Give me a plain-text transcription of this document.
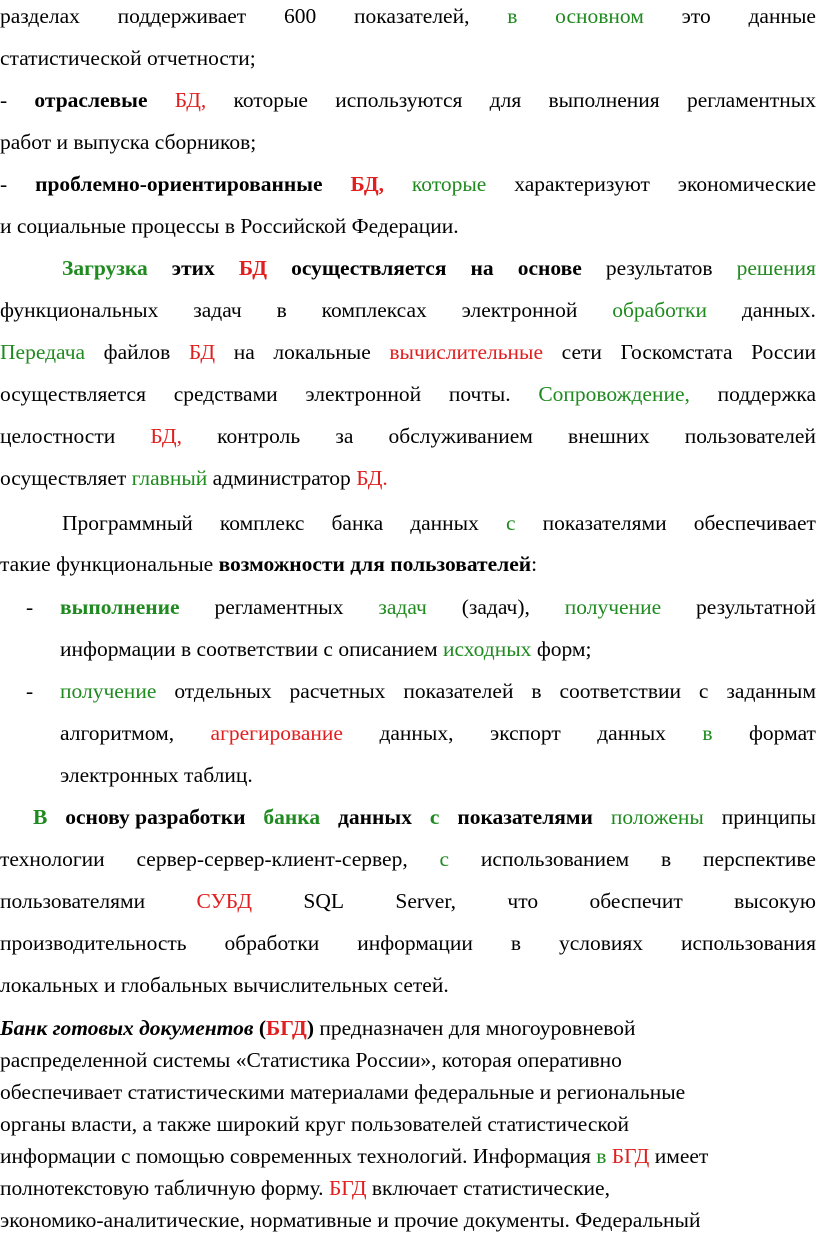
разделах поддерживает 600 показателей, в основном это данные
статистической отчетности;
- отраслевые БД, которые используются для выполнения регламентных
работ и выпуска сборников;
- проблемно-ориентированные БД, которые характеризуют экономические
и социальные процессы в Российской Федерации.
Загрузка этих БД осуществляется на основе результатов решения
функциональных задач в комплексах электронной обработки данных.
Передача файлов БД на локальные вычислительные сети Госкомстата России
осуществляется средствами электронной почты. Сопровождение, поддержка
целостности БД, контроль за обслуживанием внешних пользователей
осуществляет главный администратор БД.
Программный комплекс банка данных с показателями обеспечивает
такие функциональные возможности для пользователей:
- выполнение регламентных задач (задач), получение результатной
информации в соответствии с описанием исходных форм;
- получение отдельных расчетных показателей в соответствии с заданным
алгоритмом, агрегирование данных, экспорт данных в формат
электронных таблиц.
В основу разработки банка данных с показателями положены принципы
технологии сервер-сервер-клиент-сервер, с использованием в перспективе
пользователями СУБД SQL Server, что обеспечит высокую
производительность обработки информации в условиях использования
локальных и глобальных вычислительных сетей.
Банк готовых документов (БГД) предназначен для многоуровневой
распределенной системы «Статистика России», которая оперативно
обеспечивает статистическими материалами федеральные и региональные
органы власти, а также широкий круг пользователей статистической
информации с помощью современных технологий. Информация в БГД имеет
полнотекстовую табличную форму. БГД включает статистические,
экономико-аналитические, нормативные и прочие документы. Федеральный
